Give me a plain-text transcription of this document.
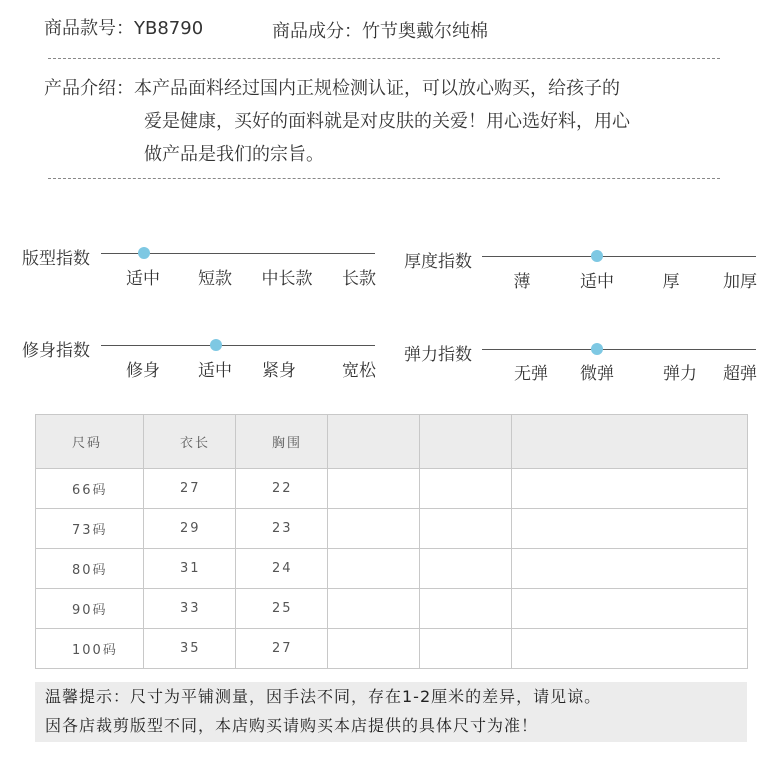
商品款号：YB8790	商品成分：竹节奥戴尔纯棉
产品介绍：本产品面料经过国内正规检测认证，可以放心购买，给孩子的
爱是健康，买好的面料就是对皮肤的关爱！用心选好料，用心
做产品是我们的宗旨。
版型指数
适中 短款 中长款 长款
厚度指数
薄	适中	厚	加厚
修身指数
修身 适中 紧身	宽松
弹力指数
无弹 微弹	弹力 超弹
尺码	衣长	胸围			
66码	27	22			
73码	29	23			
80码	31	24			
90码	33	25			
100码	35	27			
温馨提示：尺寸为平铺测量，因手法不同，存在1-2厘米的差异，请见谅。
因各店裁剪版型不同，本店购买请购买本店提供的具体尺寸为准！
